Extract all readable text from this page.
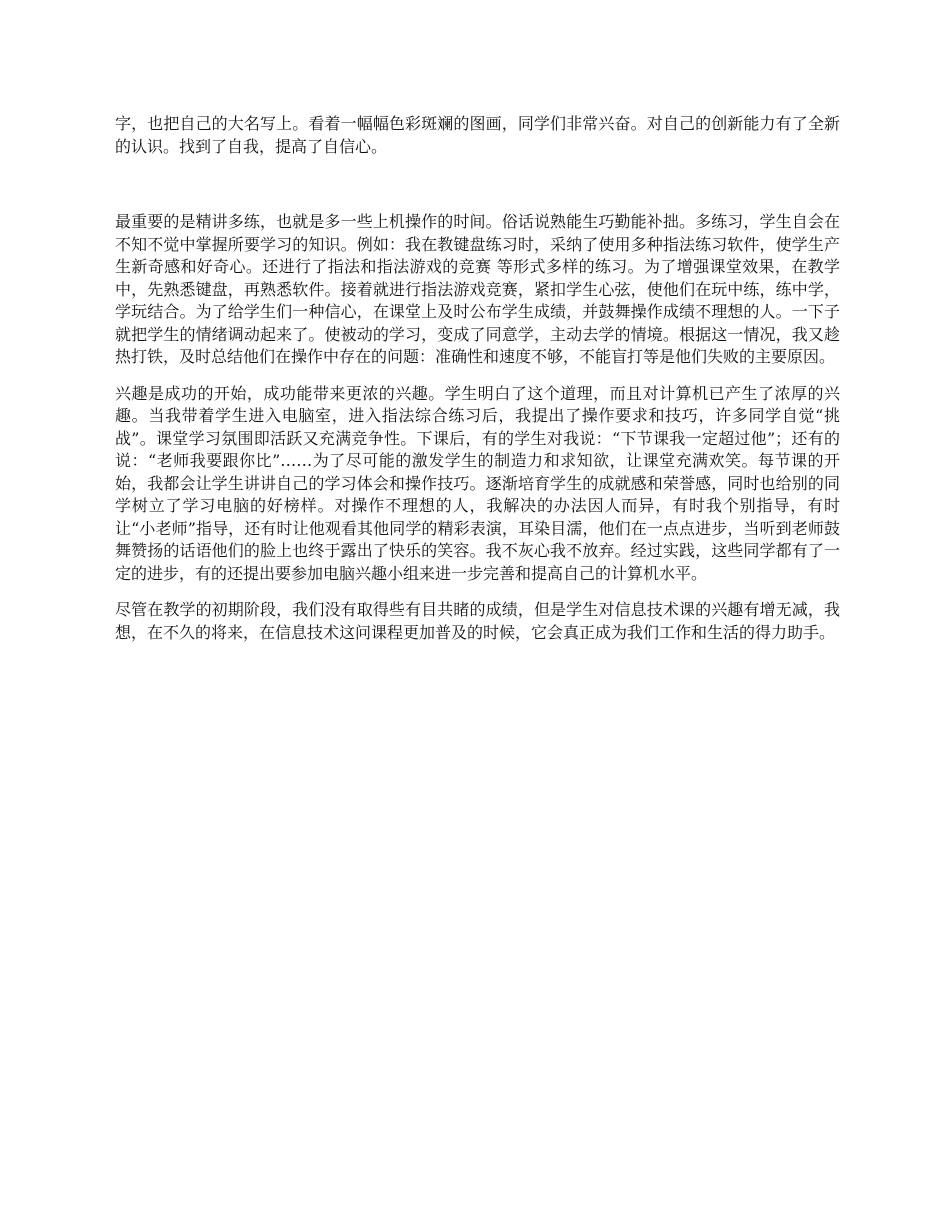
字，也把自己的大名写上。看着一幅幅色彩斑斓的图画，同学们非常兴奋。对自己的创新能力有了全新的认识。找到了自我，提高了自信心。

最重要的是精讲多练，也就是多一些上机操作的时间。俗话说熟能生巧勤能补拙。多练习，学生自会在不知不觉中掌握所要学习的知识。例如：我在教键盘练习时，采纳了使用多种指法练习软件，使学生产生新奇感和好奇心。还进行了指法和指法游戏的竞赛 等形式多样的练习。为了增强课堂效果，在教学中，先熟悉键盘，再熟悉软件。接着就进行指法游戏竞赛，紧扣学生心弦，使他们在玩中练，练中学，学玩结合。为了给学生们一种信心，在课堂上及时公布学生成绩，并鼓舞操作成绩不理想的人。一下子就把学生的情绪调动起来了。使被动的学习，变成了同意学，主动去学的情境。根据这一情况，我又趁热打铁，及时总结他们在操作中存在的问题：准确性和速度不够，不能盲打等是他们失败的主要原因。

兴趣是成功的开始，成功能带来更浓的兴趣。学生明白了这个道理，而且对计算机已产生了浓厚的兴趣。当我带着学生进入电脑室，进入指法综合练习后，我提出了操作要求和技巧，许多同学自觉“挑战”。课堂学习氛围即活跃又充满竞争性。下课后，有的学生对我说：“下节课我一定超过他”；还有的说：“老师我要跟你比”……为了尽可能的激发学生的制造力和求知欲，让课堂充满欢笑。每节课的开始，我都会让学生讲讲自己的学习体会和操作技巧。逐渐培育学生的成就感和荣誉感，同时也给别的同学树立了学习电脑的好榜样。对操作不理想的人，我解决的办法因人而异，有时我个别指导，有时让“小老师”指导，还有时让他观看其他同学的精彩表演，耳染目濡，他们在一点点进步，当听到老师鼓舞赞扬的话语他们的脸上也终于露出了快乐的笑容。我不灰心我不放弃。经过实践，这些同学都有了一定的进步，有的还提出要参加电脑兴趣小组来进一步完善和提高自己的计算机水平。

尽管在教学的初期阶段，我们没有取得些有目共睹的成绩，但是学生对信息技术课的兴趣有增无减，我想，在不久的将来，在信息技术这问课程更加普及的时候，它会真正成为我们工作和生活的得力助手。
